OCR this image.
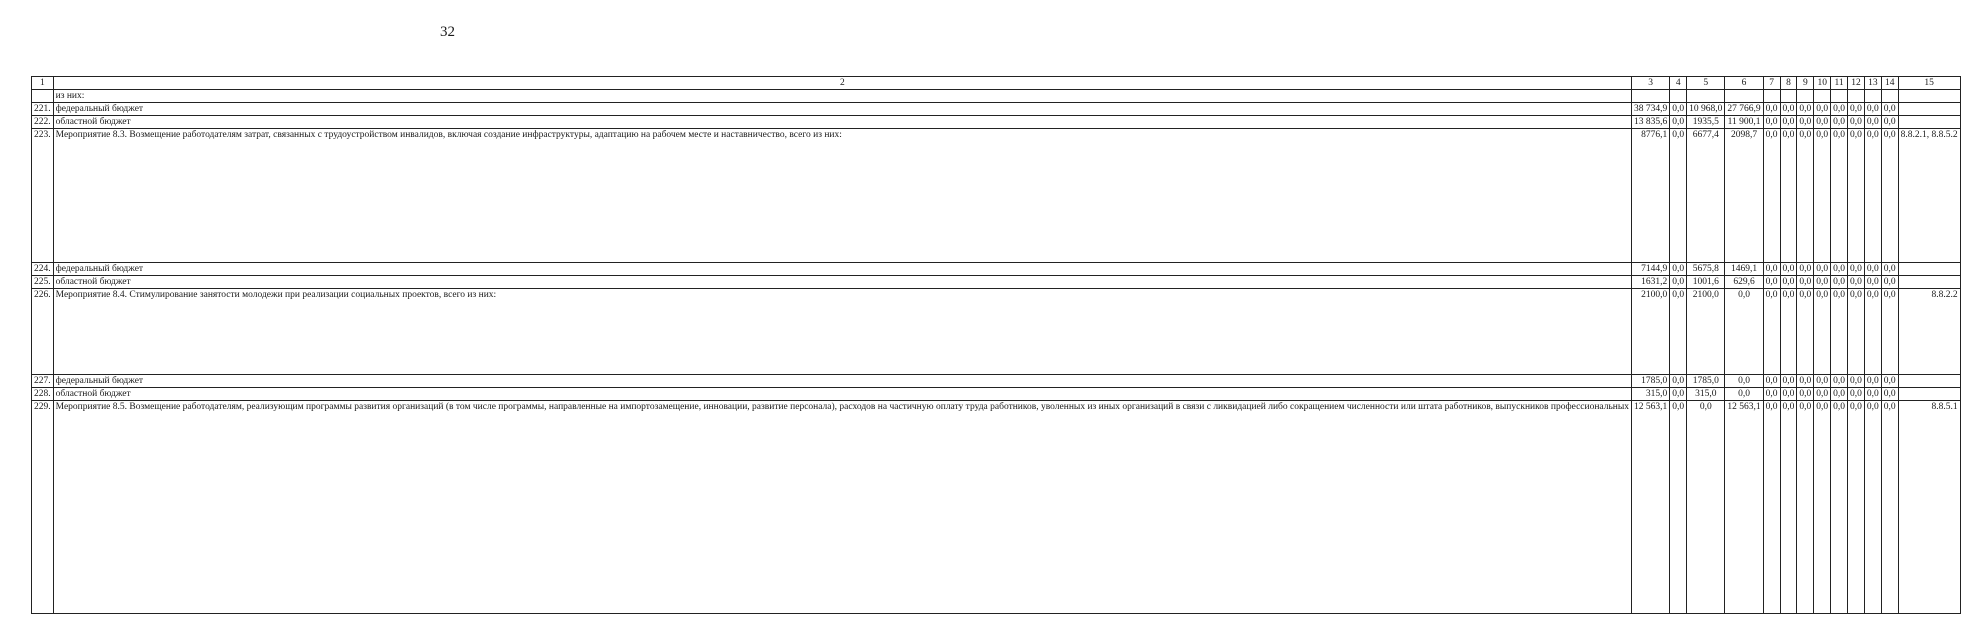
32
1	2	3	4	5	6	7	8	9	10	11	12	13	14	15
	из них:													
221.	федеральный бюджет	38 734,9	0,0	10 968,0	27 766,9	0,0	0,0	0,0	0,0	0,0	0,0	0,0	0,0	
222.	областной бюджет	13 835,6	0,0	1935,5	11 900,1	0,0	0,0	0,0	0,0	0,0	0,0	0,0	0,0	
223.	Мероприятие 8.3. Возмещение работодателям затрат, связанных с трудоустройством инвалидов, включая создание инфраструктуры, адаптацию на рабочем месте и наставничество, всего из них:	8776,1	0,0	6677,4	2098,7	0,0	0,0	0,0	0,0	0,0	0,0	0,0	0,0	8.8.2.1, 8.8.5.2
224.	федеральный бюджет	7144,9	0,0	5675,8	1469,1	0,0	0,0	0,0	0,0	0,0	0,0	0,0	0,0	
225.	областной бюджет	1631,2	0,0	1001,6	629,6	0,0	0,0	0,0	0,0	0,0	0,0	0,0	0,0	
226.	Мероприятие 8.4. Стимулирование занятости молодежи при реализации социальных проектов, всего из них:	2100,0	0,0	2100,0	0,0	0,0	0,0	0,0	0,0	0,0	0,0	0,0	0,0	8.8.2.2
227.	федеральный бюджет	1785,0	0,0	1785,0	0,0	0,0	0,0	0,0	0,0	0,0	0,0	0,0	0,0	
228.	областной бюджет	315,0	0,0	315,0	0,0	0,0	0,0	0,0	0,0	0,0	0,0	0,0	0,0	
229.	Мероприятие 8.5. Возмещение работодателям, реализующим программы развития организаций (в том числе программы, направленные на импортозамещение, инновации, развитие персонала), расходов на частичную оплату труда работников, уволенных из иных организаций в связи с ликвидацией либо сокращением численности или штата работников, выпускников профессиональных	12 563,1	0,0	0,0	12 563,1	0,0	0,0	0,0	0,0	0,0	0,0	0,0	0,0	8.8.5.1
